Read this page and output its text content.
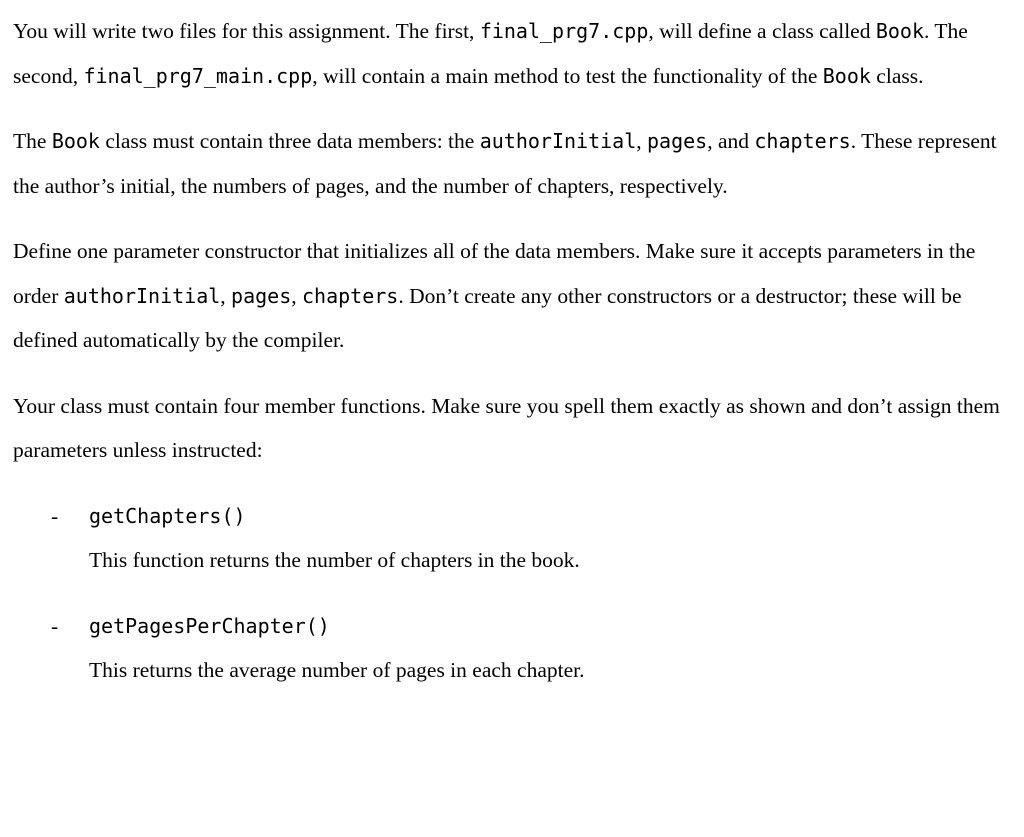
You will write two files for this assignment. The first, final_prg7.cpp, will define a class called Book. The second, final_prg7_main.cpp, will contain a main method to test the functionality of the Book class.

The Book class must contain three data members: the authorInitial, pages, and chapters. These represent the author’s initial, the numbers of pages, and the number of chapters, respectively.

Define one parameter constructor that initializes all of the data members. Make sure it accepts parameters in the order authorInitial, pages, chapters. Don’t create any other constructors or a destructor; these will be defined automatically by the compiler.

Your class must contain four member functions. Make sure you spell them exactly as shown and don’t assign them parameters unless instructed:

- getChapters()
This function returns the number of chapters in the book.
- getPagesPerChapter()
This returns the average number of pages in each chapter.
